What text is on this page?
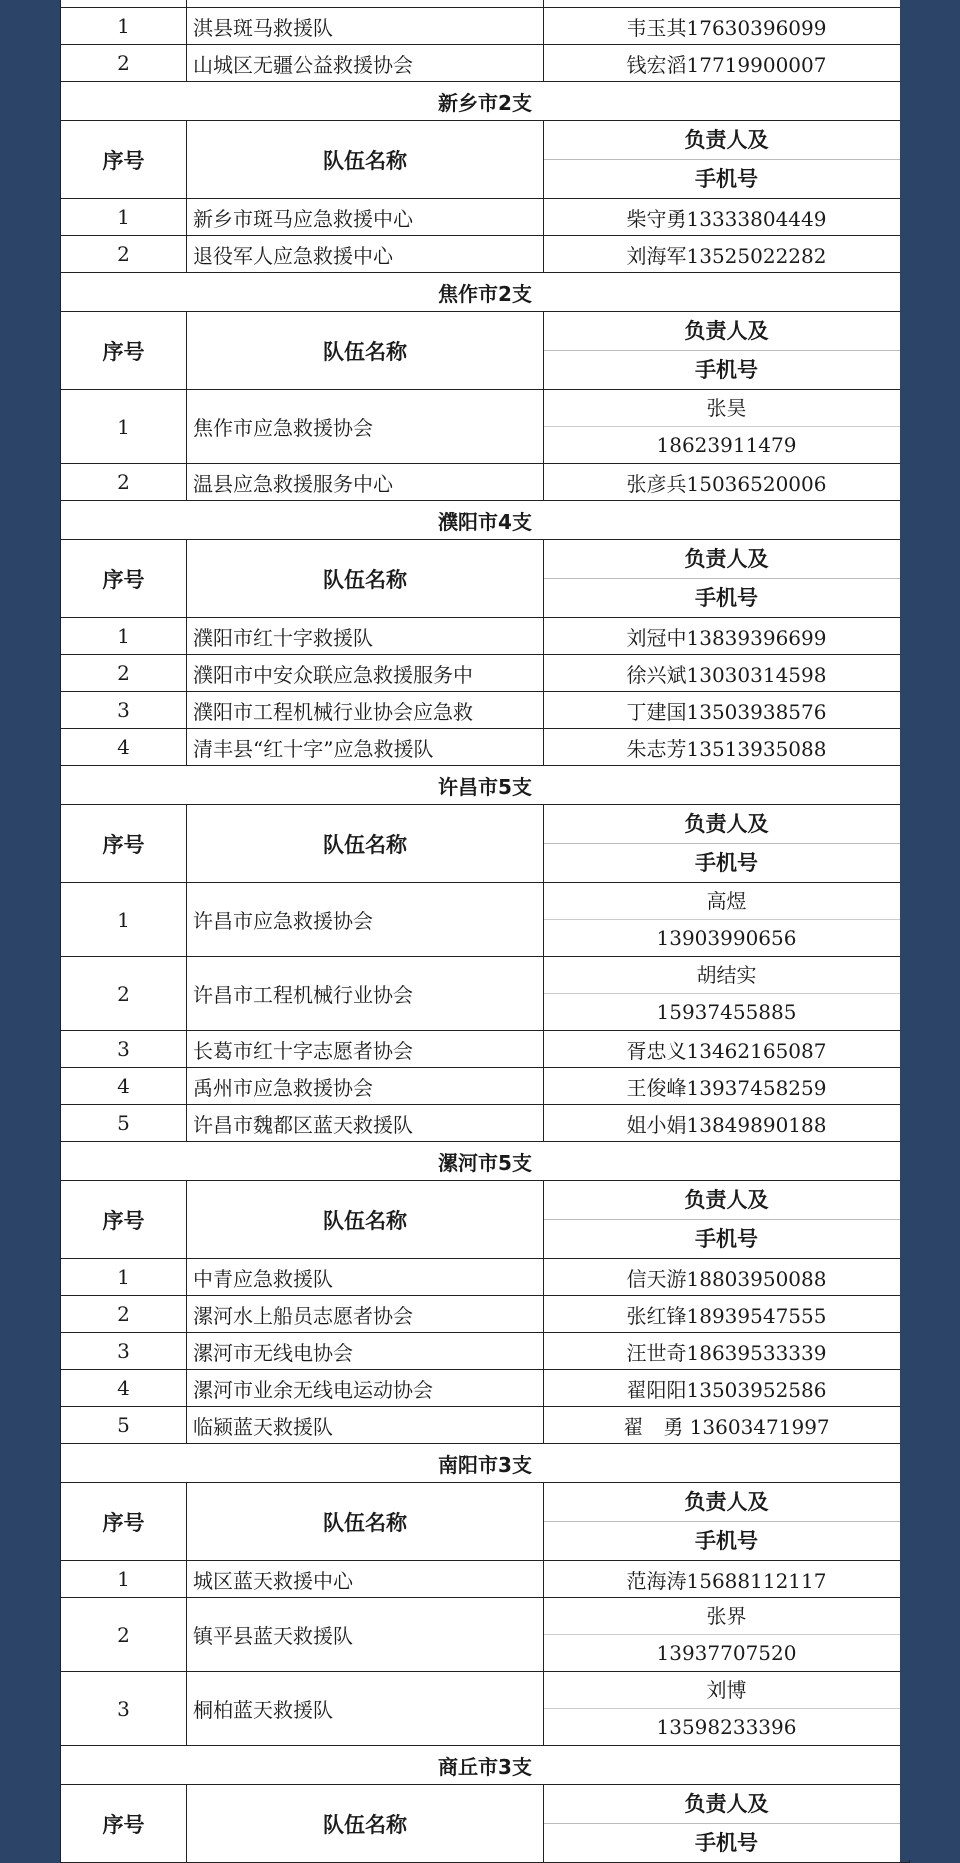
1	淇县斑马救援队	韦玉其17630396099
2	山城区无疆公益救援协会	钱宏滔17719900007
新乡市2支		
序号	队伍名称	负责人及
手机号

1	新乡市斑马应急救援中心	柴守勇13333804449
2	退役军人应急救援中心	刘海军13525022282
焦作市2支		
序号	队伍名称	负责人及
手机号

1	焦作市应急救援协会	张昊
18623911479

2	温县应急救援服务中心	张彦兵15036520006
濮阳市4支		
序号	队伍名称	负责人及
手机号

1	濮阳市红十字救援队	刘冠中13839396699
2	濮阳市中安众联应急救援服务中	徐兴斌13030314598
3	濮阳市工程机械行业协会应急救	丁建国13503938576
4	清丰县“红十字”应急救援队	朱志芳13513935088
许昌市5支		
序号	队伍名称	负责人及
手机号

1	许昌市应急救援协会	高煜
13903990656

2	许昌市工程机械行业协会	胡结实
15937455885

3	长葛市红十字志愿者协会	胥忠义13462165087
4	禹州市应急救援协会	王俊峰13937458259
5	许昌市魏都区蓝天救援队	姐小娟13849890188
漯河市5支		
序号	队伍名称	负责人及
手机号

1	中青应急救援队	信天游18803950088
2	漯河水上船员志愿者协会	张红锋18939547555
3	漯河市无线电协会	汪世奇18639533339
4	漯河市业余无线电运动协会	翟阳阳13503952586
5	临颍蓝天救援队	翟　勇 13603471997
南阳市3支		
序号	队伍名称	负责人及
手机号

1	城区蓝天救援中心	范海涛15688112117
2	镇平县蓝天救援队	张界
13937707520

3	桐柏蓝天救援队	刘博
13598233396

商丘市3支		
序号	队伍名称	负责人及
手机号
